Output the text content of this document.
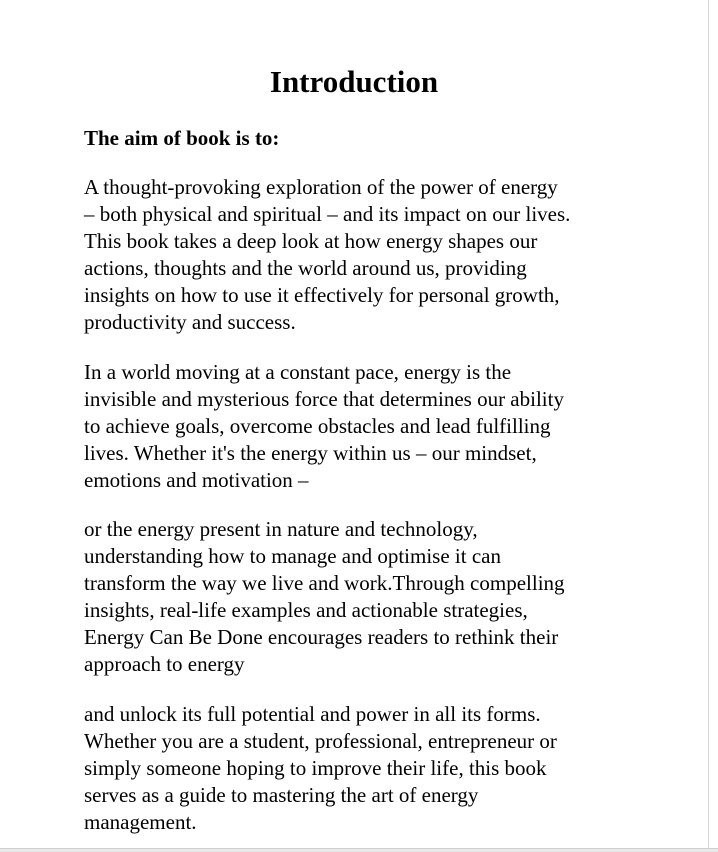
Introduction
The aim of book is to:

A thought-provoking exploration of the power of energy
– both physical and spiritual – and its impact on our lives.
This book takes a deep look at how energy shapes our
actions, thoughts and the world around us, providing
insights on how to use it effectively for personal growth,
productivity and success.

In a world moving at a constant pace, energy is the
invisible and mysterious force that determines our ability
to achieve goals, overcome obstacles and lead fulfilling
lives. Whether it's the energy within us – our mindset,
emotions and motivation –

or the energy present in nature and technology,
understanding how to manage and optimise it can
transform the way we live and work.Through compelling
insights, real-life examples and actionable strategies,
Energy Can Be Done encourages readers to rethink their
approach to energy

and unlock its full potential and power in all its forms.
Whether you are a student, professional, entrepreneur or
simply someone hoping to improve their life, this book
serves as a guide to mastering the art of energy
management.
